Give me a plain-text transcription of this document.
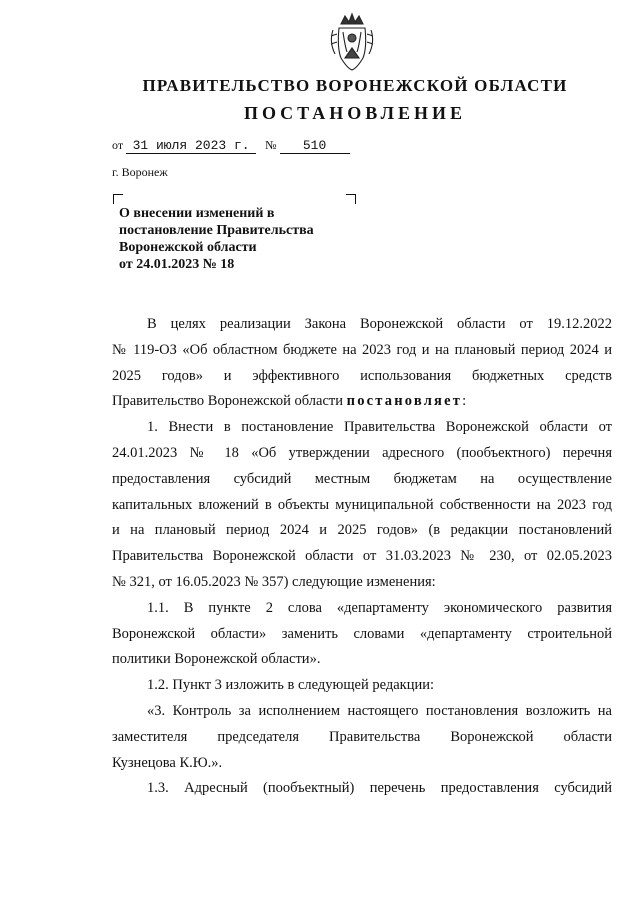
ПРАВИТЕЛЬСТВО ВОРОНЕЖСКОЙ ОБЛАСТИ
ПОСТАНОВЛЕНИЕ
от 31 июля 2023 г. № 510
г. Воронеж
О внесении изменений в
постановление Правительства
Воронежской области
от 24.01.2023 № 18
В целях реализации Закона Воронежской области от 19.12.2022
№ 119-ОЗ «Об областном бюджете на 2023 год и на плановый период 2024 и
2025 годов» и эффективного использования бюджетных средств
Правительство Воронежской области постановляет:
1. Внести в постановление Правительства Воронежской области от
24.01.2023 № 18 «Об утверждении адресного (пообъектного) перечня
предоставления субсидий местным бюджетам на осуществление
капитальных вложений в объекты муниципальной собственности на 2023 год
и на плановый период 2024 и 2025 годов» (в редакции постановлений
Правительства Воронежской области от 31.03.2023 № 230, от 02.05.2023
№ 321, от 16.05.2023 № 357) следующие изменения:
1.1. В пункте 2 слова «департаменту экономического развития
Воронежской области» заменить словами «департаменту строительной
политики Воронежской области».
1.2. Пункт 3 изложить в следующей редакции:
«3. Контроль за исполнением настоящего постановления возложить на
заместителя председателя Правительства Воронежской области
Кузнецова К.Ю.».
1.3. Адресный (пообъектный) перечень предоставления субсидий
